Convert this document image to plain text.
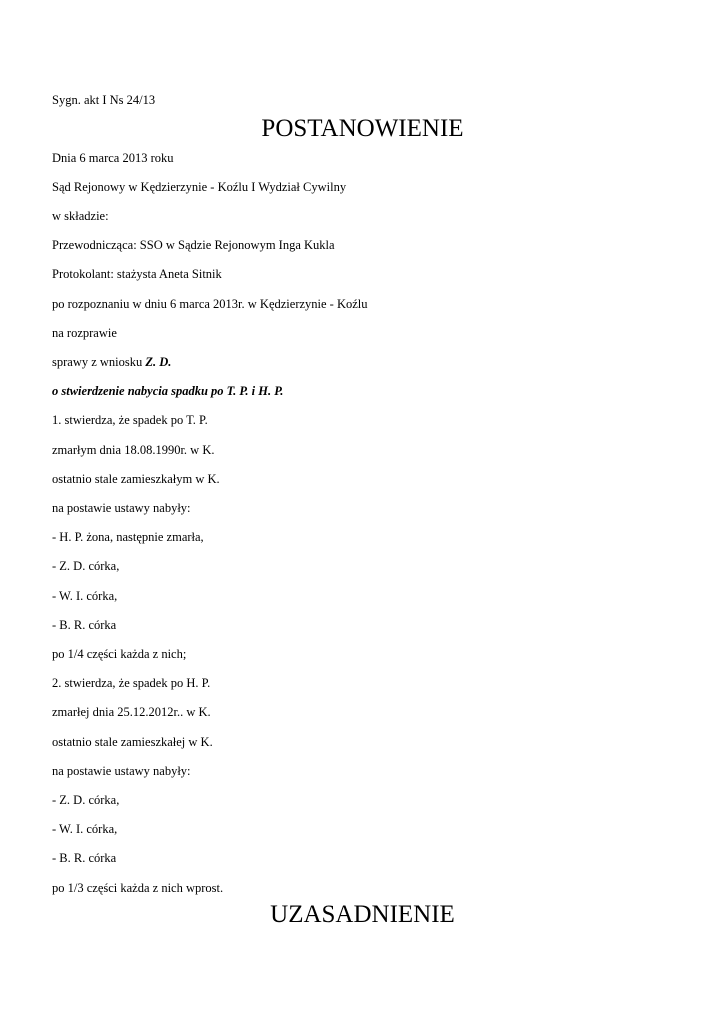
Sygn. akt I Ns 24/13
POSTANOWIENIE
Dnia 6 marca 2013 roku
Sąd Rejonowy w Kędzierzynie - Koźlu I Wydział Cywilny
w składzie:
Przewodnicząca: SSO w Sądzie Rejonowym Inga Kukla
Protokolant: stażysta Aneta Sitnik
po rozpoznaniu w dniu 6 marca 2013r. w Kędzierzynie - Koźlu
na rozprawie
sprawy z wniosku Z. D.
o stwierdzenie nabycia spadku po T. P. i H. P.
1. stwierdza, że spadek po T. P.
zmarłym dnia 18.08.1990r. w K.
ostatnio stale zamieszkałym w K.
na postawie ustawy nabyły:
- H. P. żona, następnie zmarła,
- Z. D. córka,
- W. I. córka,
- B. R. córka
po 1/4 części każda z nich;
2. stwierdza, że spadek po H. P.
zmarłej dnia 25.12.2012r.. w K.
ostatnio stale zamieszkałej w K.
na postawie ustawy nabyły:
- Z. D. córka,
- W. I. córka,
- B. R. córka
po 1/3 części każda z nich wprost.
UZASADNIENIE
